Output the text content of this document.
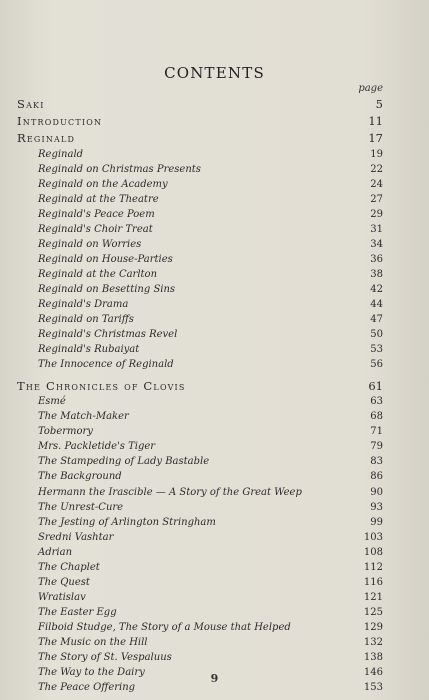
CONTENTS
page
Saki	5
Introduction	11
Reginald	17
Reginald	19
Reginald on Christmas Presents	22
Reginald on the Academy	24
Reginald at the Theatre	27
Reginald's Peace Poem	29
Reginald's Choir Treat	31
Reginald on Worries	34
Reginald on House-Parties	36
Reginald at the Carlton	38
Reginald on Besetting Sins	42
Reginald's Drama	44
Reginald on Tariffs	47
Reginald's Christmas Revel	50
Reginald's Rubaiyat	53
The Innocence of Reginald	56
The Chronicles of Clovis	61
Esmé	63
The Match-Maker	68
Tobermory	71
Mrs. Packletide's Tiger	79
The Stampeding of Lady Bastable	83
The Background	86
Hermann the Irascible — A Story of the Great Weep	90
The Unrest-Cure	93
The Jesting of Arlington Stringham	99
Sredni Vashtar	103
Adrian	108
The Chaplet	112
The Quest	116
Wratislav	121
The Easter Egg	125
Filboid Studge, The Story of a Mouse that Helped	129
The Music on the Hill	132
The Story of St. Vespaluus	138
The Way to the Dairy	146
The Peace Offering	153
9
